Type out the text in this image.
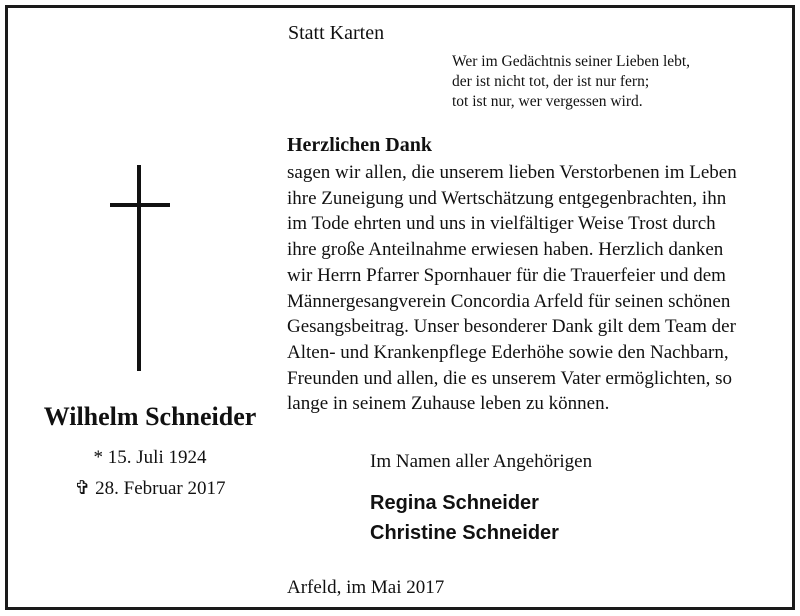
Statt Karten
Wer im Gedächtnis seiner Lieben lebt,
der ist nicht tot, der ist nur fern;
tot ist nur, wer vergessen wird.
Herzlichen Dank
sagen wir allen, die unserem lieben Verstorbenen im Leben
ihre Zuneigung und Wertschätzung entgegenbrachten, ihn
im Tode ehrten und uns in vielfältiger Weise Trost durch
ihre große Anteilnahme erwiesen haben. Herzlich danken
wir Herrn Pfarrer Spornhauer für die Trauerfeier und dem
Männergesangverein Concordia Arfeld für seinen schönen
Gesangsbeitrag. Unser besonderer Dank gilt dem Team der
Alten- und Krankenpflege Ederhöhe sowie den Nachbarn,
Freunden und allen, die es unserem Vater ermöglichten, so
lange in seinem Zuhause leben zu können.
Wilhelm Schneider
* 15. Juli 1924
✞ 28. Februar 2017
Im Namen aller Angehörigen
Regina Schneider
Christine Schneider
Arfeld, im Mai 2017
